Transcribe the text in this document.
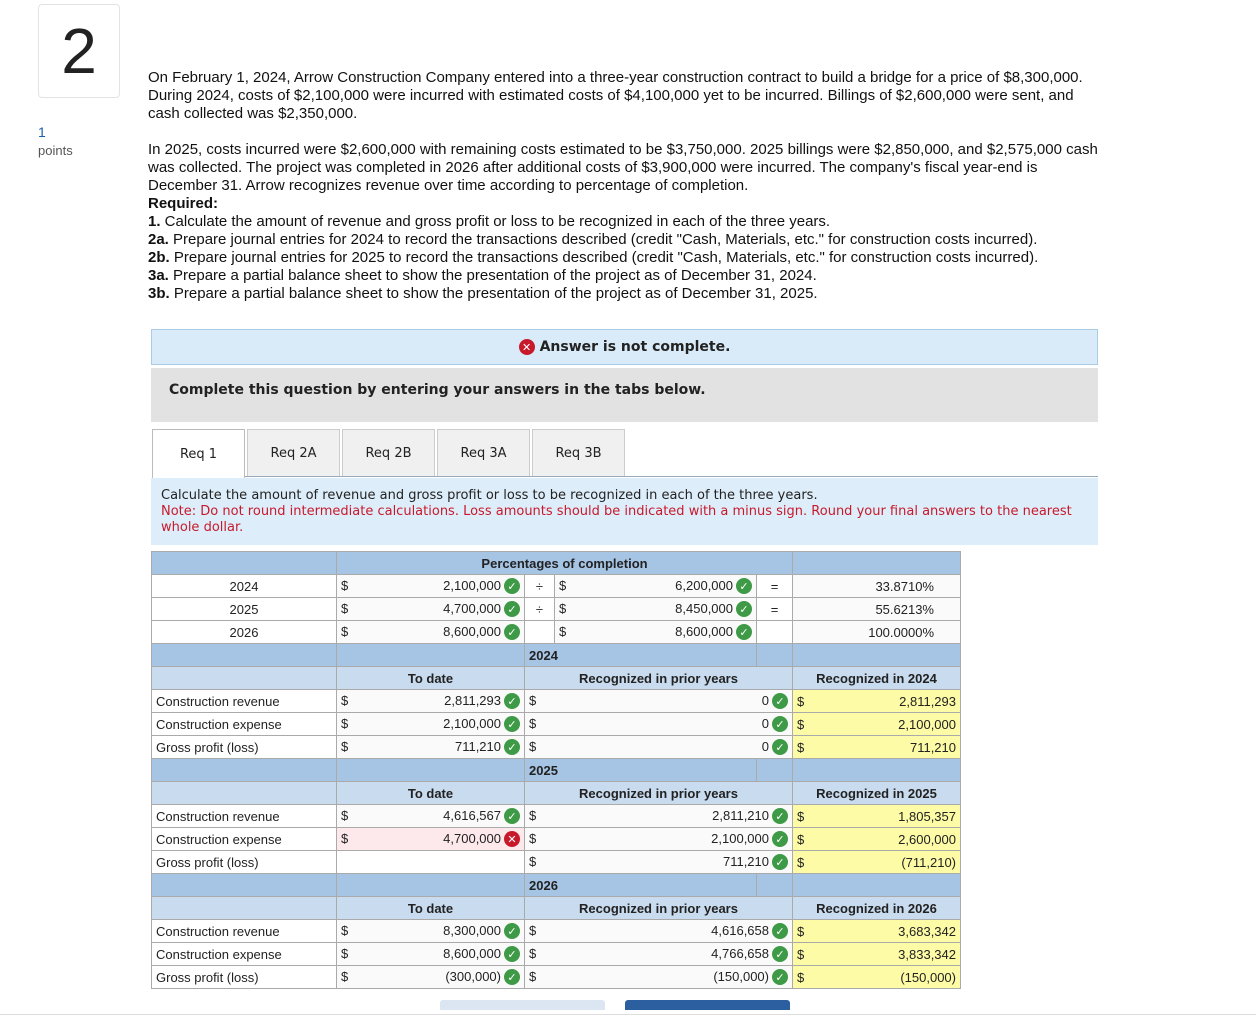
2
1
points

On February 1, 2024, Arrow Construction Company entered into a three-year construction contract to build a bridge for a price of $8,300,000. During 2024, costs of $2,100,000 were incurred with estimated costs of $4,100,000 yet to be incurred. Billings of $2,600,000 were sent, and cash collected was $2,350,000.

In 2025, costs incurred were $2,600,000 with remaining costs estimated to be $3,750,000. 2025 billings were $2,850,000, and $2,575,000 cash was collected. The project was completed in 2026 after additional costs of $3,900,000 were incurred. The company's fiscal year-end is December 31. Arrow recognizes revenue over time according to percentage of completion.

Required:

1. Calculate the amount of revenue and gross profit or loss to be recognized in each of the three years.

2a. Prepare journal entries for 2024 to record the transactions described (credit "Cash, Materials, etc." for construction costs incurred).

2b. Prepare journal entries for 2025 to record the transactions described (credit "Cash, Materials, etc." for construction costs incurred).

3a. Prepare a partial balance sheet to show the presentation of the project as of December 31, 2024.

3b. Prepare a partial balance sheet to show the presentation of the project as of December 31, 2025.

✕ Answer is not complete.
Complete this question by entering your answers in the tabs below.
Req 1	Req 2A	Req 2B	Req 3A	Req 3B
Calculate the amount of revenue and gross profit or loss to be recognized in each of the three years.
Note: Do not round intermediate calculations. Loss amounts should be indicated with a minus sign. Round your final answers to the nearest whole dollar.
	Percentages of completion				
2024	$ 2,100,000 ✓	÷	$ 6,200,000 ✓	=	33.8710%
2025	$ 4,700,000 ✓	÷	$ 8,450,000 ✓	=	55.6213%
2026	$ 8,600,000 ✓		$ 8,600,000 ✓		100.0000%
		2024			
	To date	Recognized in prior years			Recognized in 2024
Construction revenue	$ 2,811,293 ✓	$ 0 ✓			$ 2,811,293
Construction expense	$ 2,100,000 ✓	$ 0 ✓			$ 2,100,000
Gross profit (loss)	$ 711,210 ✓	$ 0 ✓			$ 711,210
		2025			
	To date	Recognized in prior years			Recognized in 2025
Construction revenue	$ 4,616,567 ✓	$ 2,811,210 ✓			$ 1,805,357
Construction expense	$ 4,700,000 ✕	$ 2,100,000 ✓			$ 2,600,000
Gross profit (loss)		$ 711,210 ✓			$ (711,210)
		2026			
	To date	Recognized in prior years			Recognized in 2026
Construction revenue	$ 8,300,000 ✓	$ 4,616,658 ✓			$ 3,683,342
Construction expense	$ 8,600,000 ✓	$ 4,766,658 ✓			$ 3,833,342
Gross profit (loss)	$ (300,000) ✓	$ (150,000) ✓			$ (150,000)
